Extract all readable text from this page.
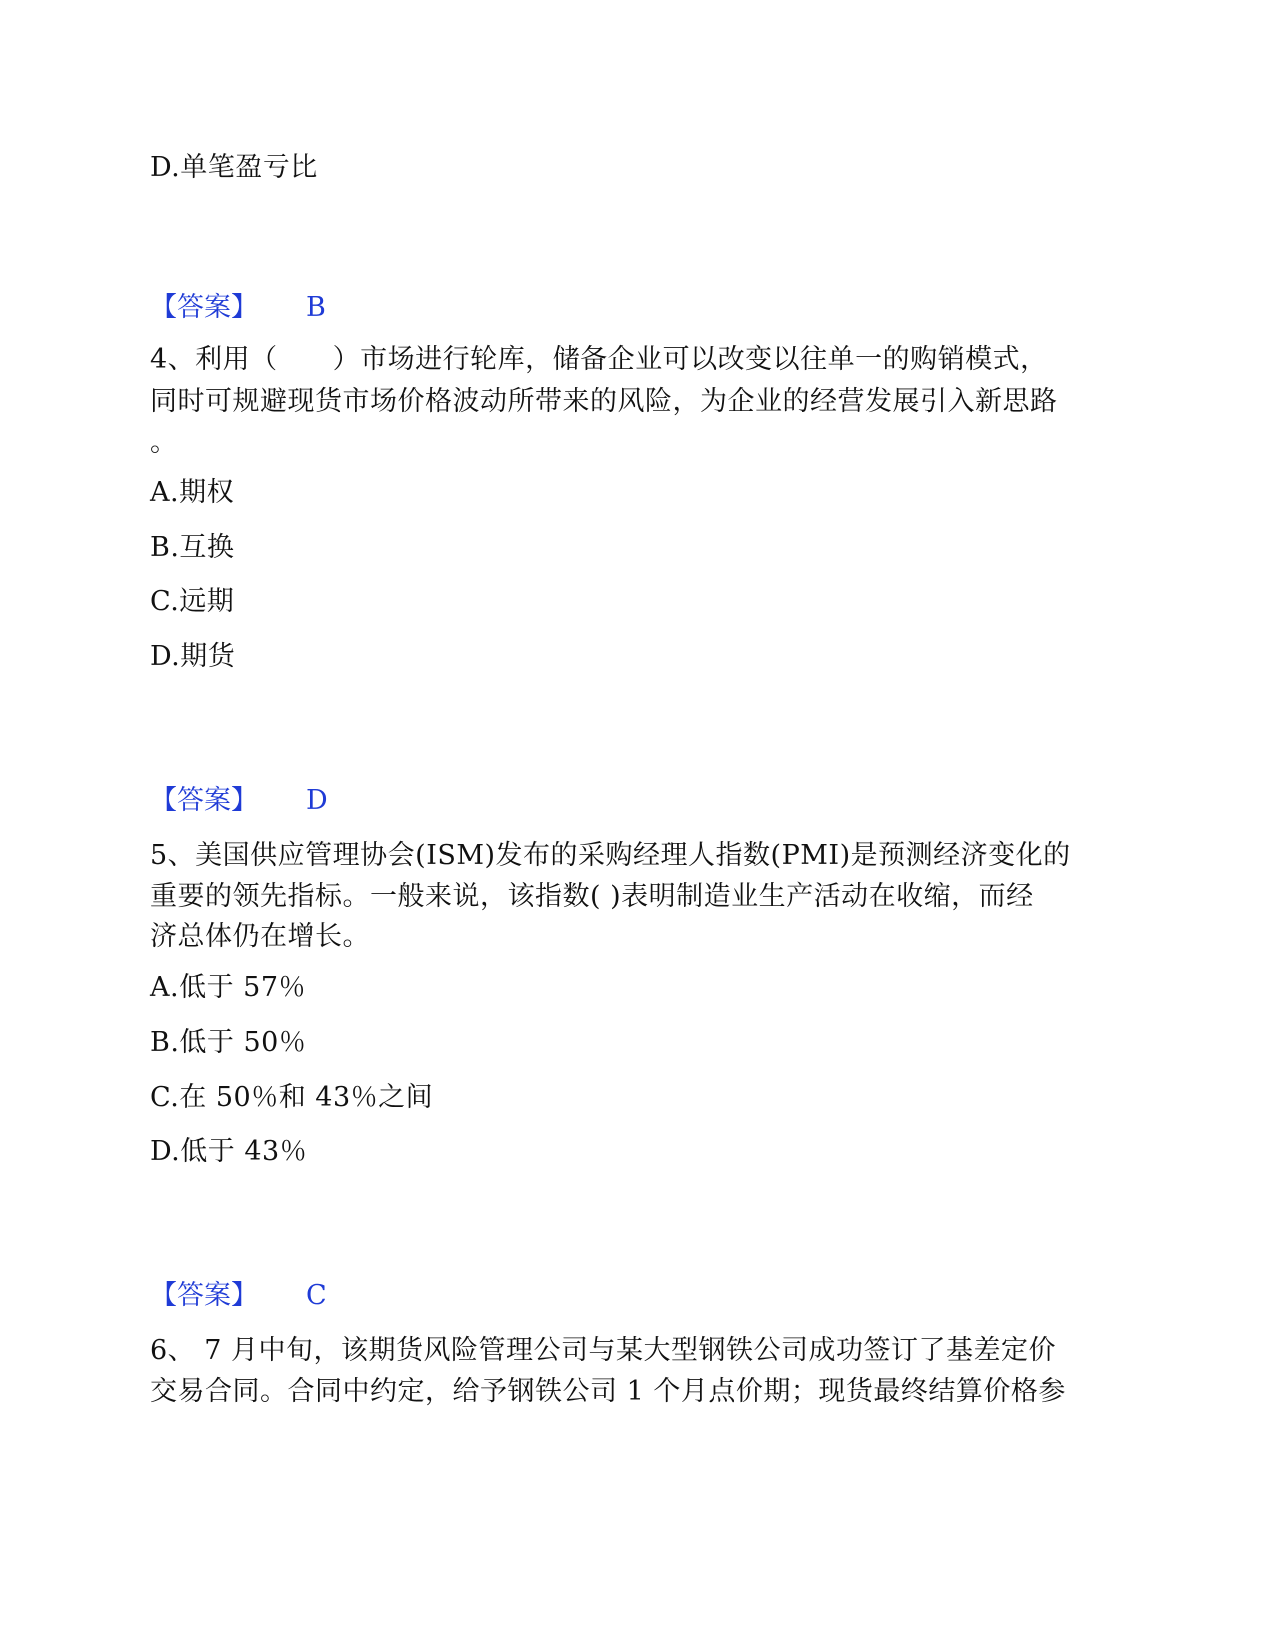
D.单笔盈亏比
【答案】 B
4、利用（　　）市场进行轮库，储备企业可以改变以往单一的购销模式，
同时可规避现货市场价格波动所带来的风险，为企业的经营发展引入新思路
。
A.期权
B.互换
C.远期
D.期货
【答案】 D
5、美国供应管理协会(ISM)发布的采购经理人指数(PMI)是预测经济变化的
重要的领先指标。一般来说，该指数( )表明制造业生产活动在收缩，而经
济总体仍在增长。
A.低于 57％
B.低于 50％
C.在 50％和 43％之间
D.低于 43％
【答案】 C
6、 7 月中旬，该期货风险管理公司与某大型钢铁公司成功签订了基差定价
交易合同。合同中约定，给予钢铁公司 1 个月点价期；现货最终结算价格参
